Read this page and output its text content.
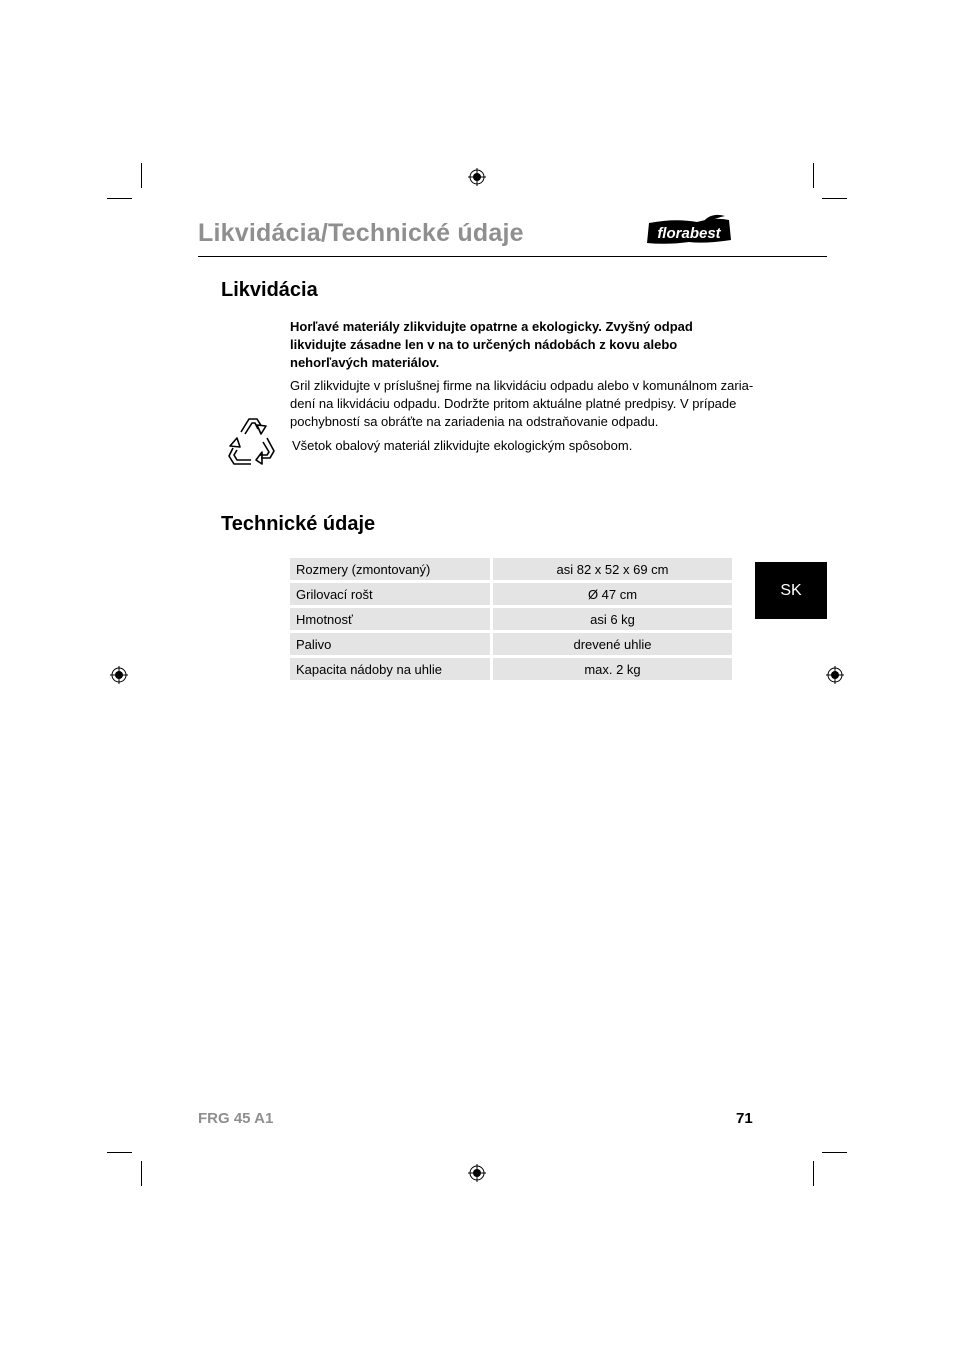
Likvidácia/Technické údaje	florabest
Likvidácia

Horľavé materiály zlikvidujte opatrne a ekologicky. Zvyšný odpad likvidujte zásadne len v na to určených nádobách z kovu alebo nehorľavých materiálov.

Gril zlikvidujte v príslušnej firme na likvidáciu odpadu alebo v komunálnom zaria-
dení na likvidáciu odpadu. Dodržte pritom aktuálne platné predpisy. V prípade
pochybností sa obráťte na zariadenia na odstraňovanie odpadu.

Všetok obalový materiál zlikvidujte ekologickým spôsobom.

Technické údaje
Rozmery (zmontovaný)	asi 82 x 52 x 69 cm
Grilovací rošt	Ø 47 cm
Hmotnosť	asi 6 kg
Palivo	drevené uhlie
Kapacita nádoby na uhlie	max. 2 kg
SK
FRG 45 A1	71
